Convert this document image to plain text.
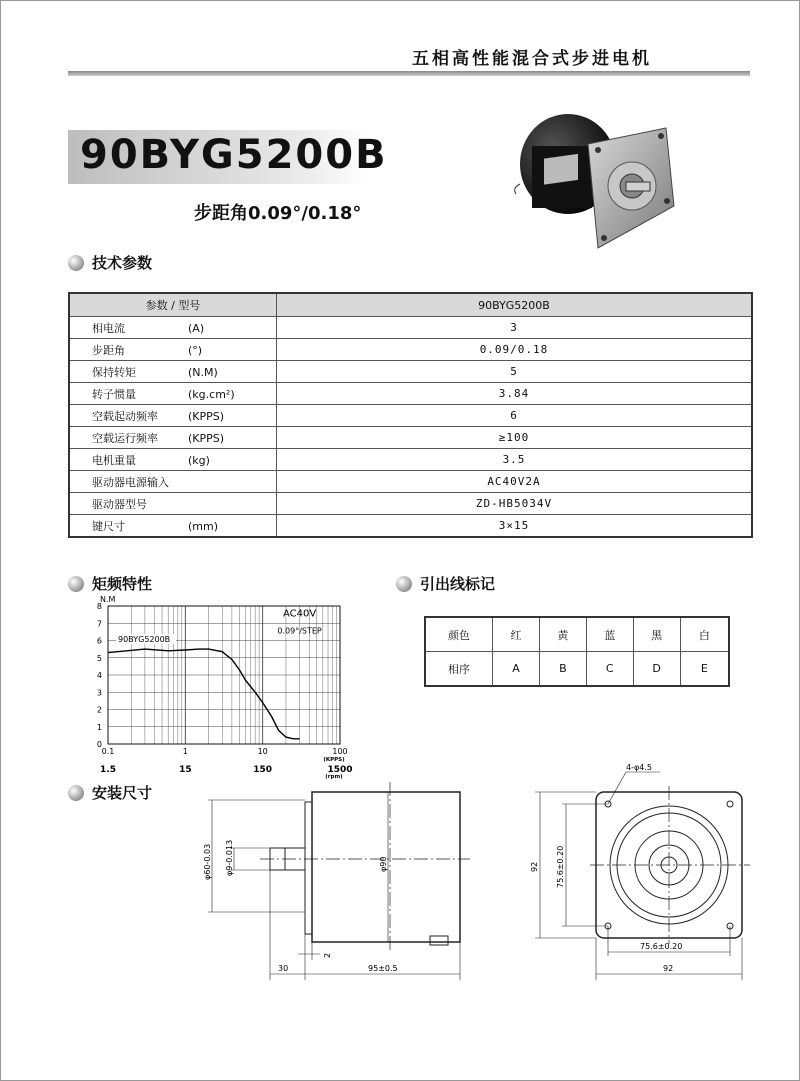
五相高性能混合式步进电机
90BYG5200B
步距角0.09°/0.18°
技术参数
参数 / 型号	90BYG5200B
相电流 (A)	3
步距角 (°)	0.09/0.18
保持转矩 (N.M)	5
转子惯量 (kg.cm²)	3.84
空载起动频率 (KPPS)	6
空载运行频率 (KPPS)	≥100
电机重量 (kg)	3.5
驱动器电源输入	AC40V2A
驱动器型号	ZD-HB5034V
键尺寸 (mm)	3×15
矩频特性	引出线标记
颜色	红	黄	蓝	黑	白
相序	A	B	C	D	E
0
1
2
3
4
5
6
7
8
N.M
0.1	1	10	100
(KPPS)
1.5	15	150	1500
(rpm)
AC40V
0.09°/STEP
90BYG5200B
安装尺寸
φ60-0.03 φ9-0.013	φ90
2
30	95±0.5
4-φ4.5
92 75.6±0.20
75.6±0.20
92
